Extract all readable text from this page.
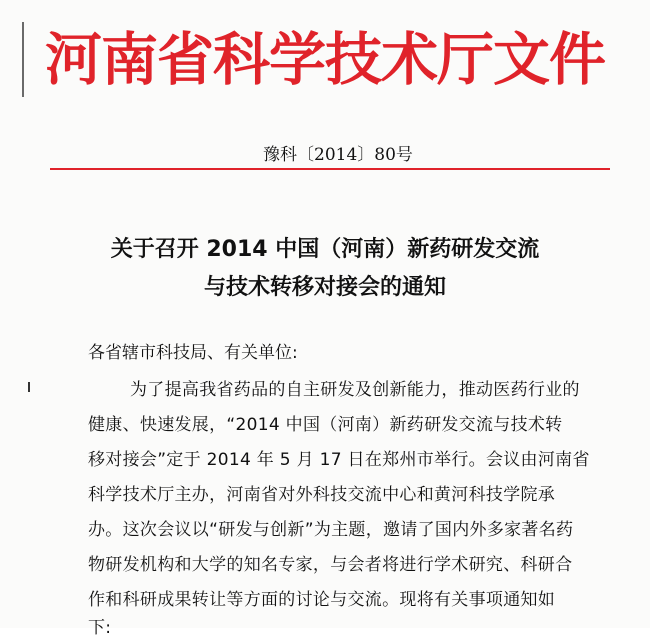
河南省科学技术厅文件
豫科〔2014〕80号
关于召开 2014 中国（河南）新药研发交流
与技术转移对接会的通知
各省辖市科技局、有关单位:
为了提高我省药品的自主研发及创新能力，推动医药行业的
健康、快速发展，“2014 中国（河南）新药研发交流与技术转
移对接会”定于 2014 年 5 月 17 日在郑州市举行。会议由河南省
科学技术厅主办，河南省对外科技交流中心和黄河科技学院承
办。这次会议以“研发与创新”为主题，邀请了国内外多家著名药
物研发机构和大学的知名专家，与会者将进行学术研究、科研合
作和科研成果转让等方面的讨论与交流。现将有关事项通知如
下:
